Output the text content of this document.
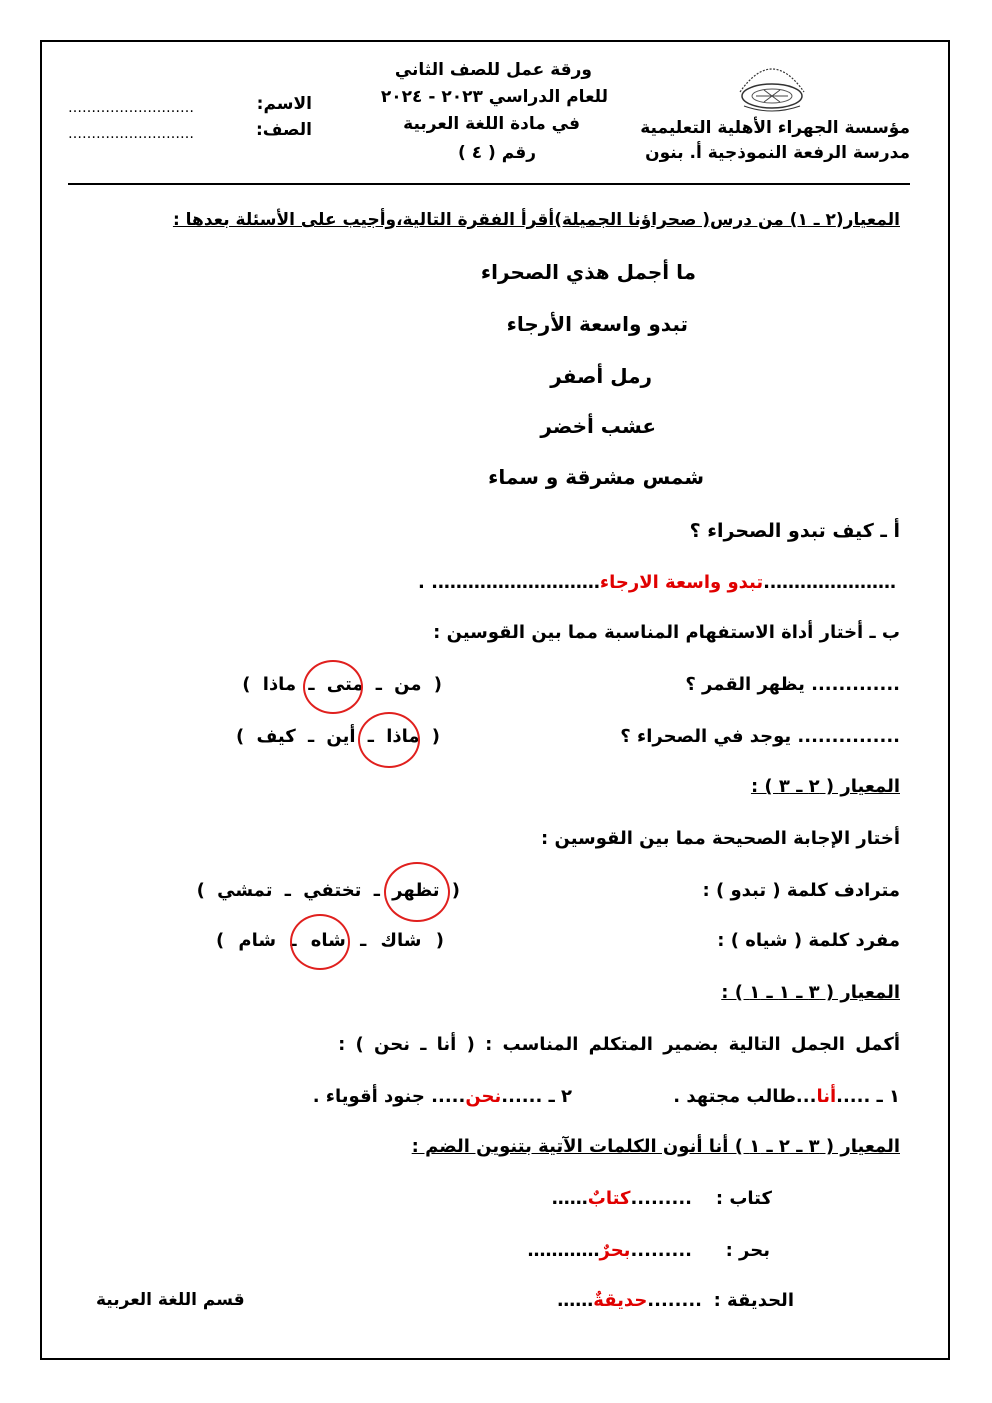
مؤسسة الجهراء الأهلية التعليمية
مدرسة الرفعة النموذجية أ. بنون
ورقة عمل للصف الثاني
للعام الدراسي ٢٠٢٣ - ٢٠٢٤
في مادة اللغة العربية
رقم ( ٤ )
الاسم:
………………………
الصف:
………………………
المعيار(٢ ـ ١) من درس( صحراؤنا الجميلة)أقرأ الفقرة التالية،وأجيب على الأسئلة بعدها :
ما أجمل هذي الصحراء
تبدو واسعة الأرجاء
رمل أصفر
عشب أخضر
شمس مشرقة و سماء
أ ـ كيف تبدو الصحراء ؟
………………….تبدو واسعة الارجاء………………………. .
ب ـ أختار أداة الاستفهام المناسبة مما بين القوسين :
............. يظهر القمر ؟
( من ـ متى ـ ماذا )
............... يوجد في الصحراء ؟
( ماذا ـ أين ـ كيف )
المعيار ( ٢ ـ ٣ ) :
أختار الإجابة الصحيحة مما بين القوسين :
مترادف كلمة ( تبدو ) :
( تظهر ـ تختفي ـ تمشي )
مفرد كلمة ( شياه ) :
( شاك ـ شاه ـ شام )
المعيار ( ٣ ـ ١ ـ ١ ) :
أكمل الجمل التالية بضمير المتكلم المناسب : ( أنا ـ نحن ) :
١ ـ .....أنا...طالب مجتهد .
٢ ـ ......نحن..... جنود أقوياء .
المعيار ( ٣ ـ ٢ ـ ١ ) أنا أنون الكلمات الآتية بتنوين الضم :
كتاب :
.........كتابٌ……
بحر :
.........بحرٌ…………
الحديقة :
........حديقةٌ……
قسم اللغة العربية
